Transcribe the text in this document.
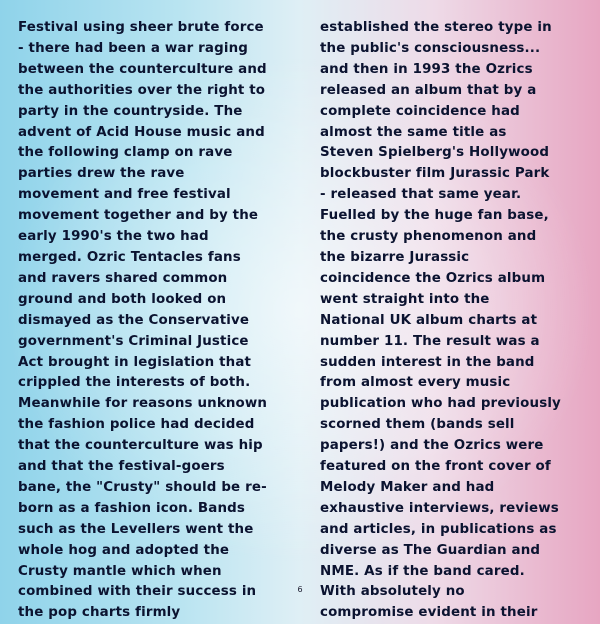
Festival using sheer brute force
- there had been a war raging
between the counterculture and
the authorities over the right to
party in the countryside. The
advent of Acid House music and
the following clamp on rave
parties drew the rave
movement and free festival
movement together and by the
early 1990's the two had
merged. Ozric Tentacles fans
and ravers shared common
ground and both looked on
dismayed as the Conservative
government's Criminal Justice
Act brought in legislation that
crippled the interests of both.
Meanwhile for reasons unknown
the fashion police had decided
that the counterculture was hip
and that the festival-goers
bane, the "Crusty" should be re-
born as a fashion icon. Bands
such as the Levellers went the
whole hog and adopted the
Crusty mantle which when
combined with their success in
the pop charts firmly
established the stereo type in
the public's consciousness...
and then in 1993 the Ozrics
released an album that by a
complete coincidence had
almost the same title as
Steven Spielberg's Hollywood
blockbuster film Jurassic Park
- released that same year.
Fuelled by the huge fan base,
the crusty phenomenon and
the bizarre Jurassic
coincidence the Ozrics album
went straight into the
National UK album charts at
number 11. The result was a
sudden interest in the band
from almost every music
publication who had previously
scorned them (bands sell
papers!) and the Ozrics were
featured on the front cover of
Melody Maker and had
exhaustive interviews, reviews
and articles, in publications as
diverse as The Guardian and
NME. As if the band cared.
With absolutely no
compromise evident in their
6
